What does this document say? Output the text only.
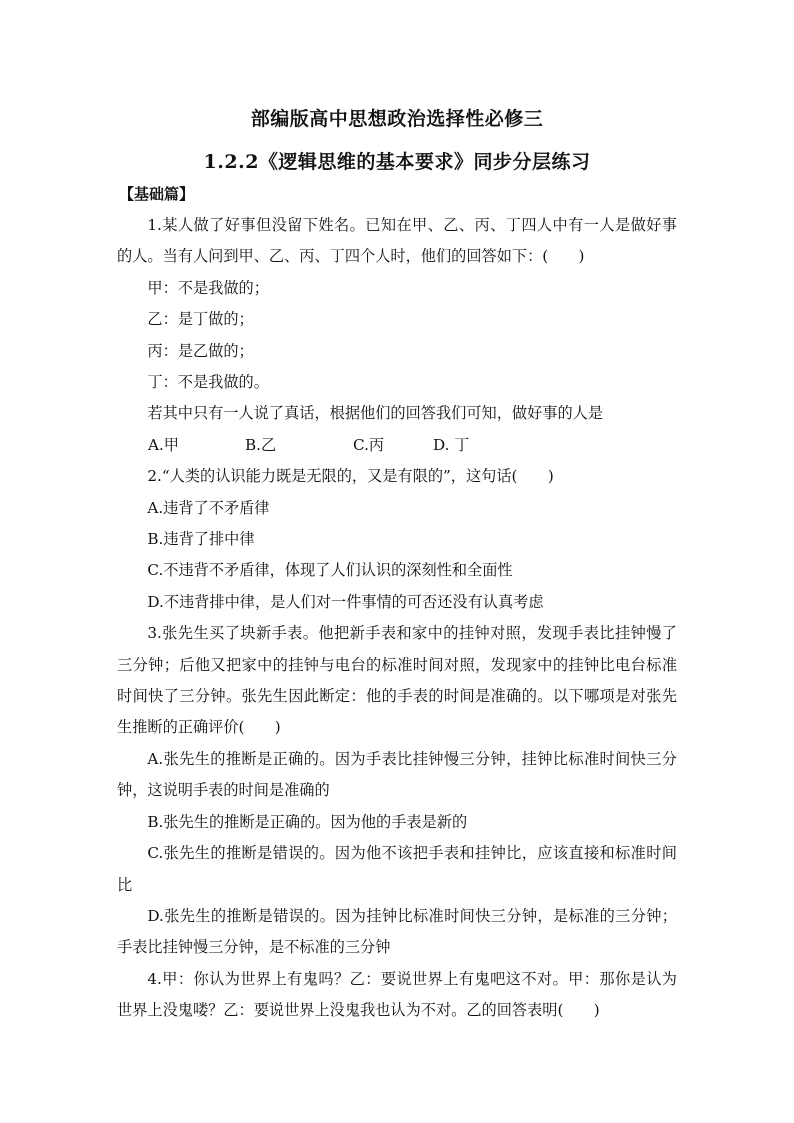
部编版高中思想政治选择性必修三
1.2.2《逻辑思维的基本要求》同步分层练习
【基础篇】

1.某人做了好事但没留下姓名。已知在甲、乙、丙、丁四人中有一人是做好事的人。当有人问到甲、乙、丙、丁四个人时，他们的回答如下：(　　)

甲：不是我做的；

乙：是丁做的；

丙：是乙做的；

丁：不是我做的。

若其中只有一人说了真话，根据他们的回答我们可知，做好事的人是

A.甲	B.乙	C.丙	D. 丁

2.“人类的认识能力既是无限的，又是有限的”，这句话(　　)

A.违背了不矛盾律

B.违背了排中律

C.不违背不矛盾律，体现了人们认识的深刻性和全面性

D.不违背排中律，是人们对一件事情的可否还没有认真考虑

3.张先生买了块新手表。他把新手表和家中的挂钟对照，发现手表比挂钟慢了三分钟；后他又把家中的挂钟与电台的标准时间对照，发现家中的挂钟比电台标准时间快了三分钟。张先生因此断定：他的手表的时间是准确的。以下哪项是对张先生推断的正确评价(　　)

A.张先生的推断是正确的。因为手表比挂钟慢三分钟，挂钟比标准时间快三分钟，这说明手表的时间是准确的

B.张先生的推断是正确的。因为他的手表是新的

C.张先生的推断是错误的。因为他不该把手表和挂钟比，应该直接和标准时间比

D.张先生的推断是错误的。因为挂钟比标准时间快三分钟，是标准的三分钟；手表比挂钟慢三分钟，是不标准的三分钟

4.甲：你认为世界上有鬼吗？乙：要说世界上有鬼吧这不对。甲：那你是认为世界上没鬼喽？乙：要说世界上没鬼我也认为不对。乙的回答表明(　　)
